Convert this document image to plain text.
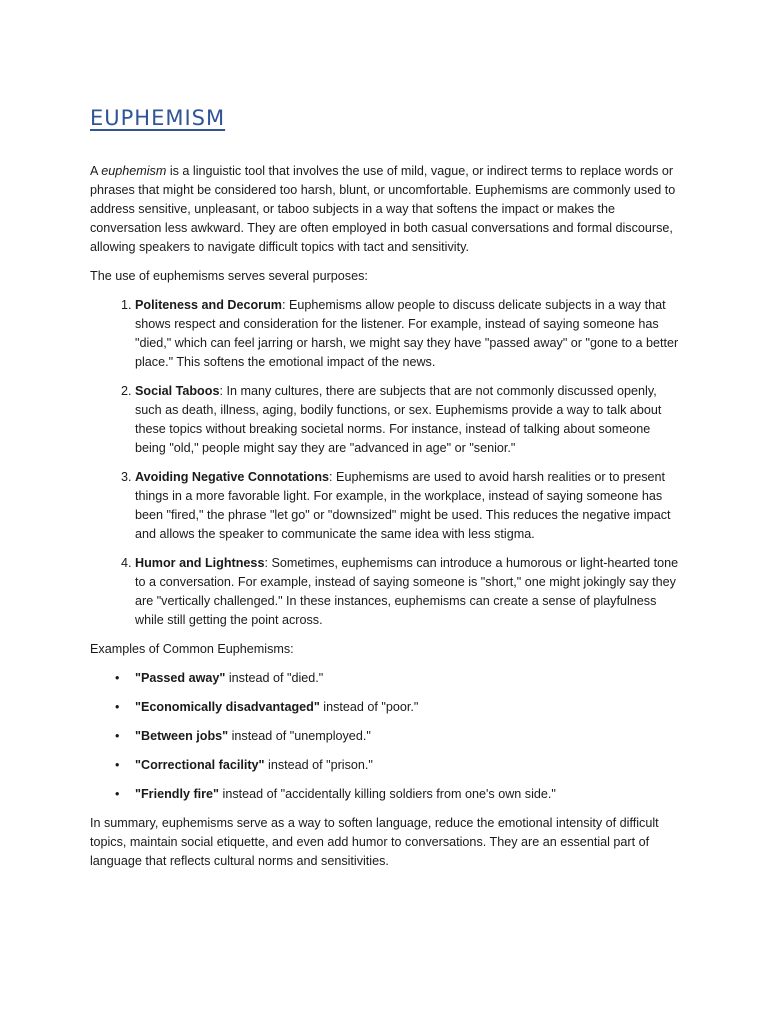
EUPHEMISM

A euphemism is a linguistic tool that involves the use of mild, vague, or indirect terms to replace words or phrases that might be considered too harsh, blunt, or uncomfortable. Euphemisms are commonly used to address sensitive, unpleasant, or taboo subjects in a way that softens the impact or makes the conversation less awkward. They are often employed in both casual conversations and formal discourse, allowing speakers to navigate difficult topics with tact and sensitivity.

The use of euphemisms serves several purposes:

1. Politeness and Decorum: Euphemisms allow people to discuss delicate subjects in a way that shows respect and consideration for the listener. For example, instead of saying someone has "died," which can feel jarring or harsh, we might say they have "passed away" or "gone to a better place." This softens the emotional impact of the news.
2. Social Taboos: In many cultures, there are subjects that are not commonly discussed openly, such as death, illness, aging, bodily functions, or sex. Euphemisms provide a way to talk about these topics without breaking societal norms. For instance, instead of talking about someone being "old," people might say they are "advanced in age" or "senior."
3. Avoiding Negative Connotations: Euphemisms are used to avoid harsh realities or to present things in a more favorable light. For example, in the workplace, instead of saying someone has been "fired," the phrase "let go" or "downsized" might be used. This reduces the negative impact and allows the speaker to communicate the same idea with less stigma.
4. Humor and Lightness: Sometimes, euphemisms can introduce a humorous or light-hearted tone to a conversation. For example, instead of saying someone is "short," one might jokingly say they are "vertically challenged." In these instances, euphemisms can create a sense of playfulness while still getting the point across.

Examples of Common Euphemisms:

• "Passed away" instead of "died."
• "Economically disadvantaged" instead of "poor."
• "Between jobs" instead of "unemployed."
• "Correctional facility" instead of "prison."
• "Friendly fire" instead of "accidentally killing soldiers from one's own side."

In summary, euphemisms serve as a way to soften language, reduce the emotional intensity of difficult topics, maintain social etiquette, and even add humor to conversations. They are an essential part of language that reflects cultural norms and sensitivities.
